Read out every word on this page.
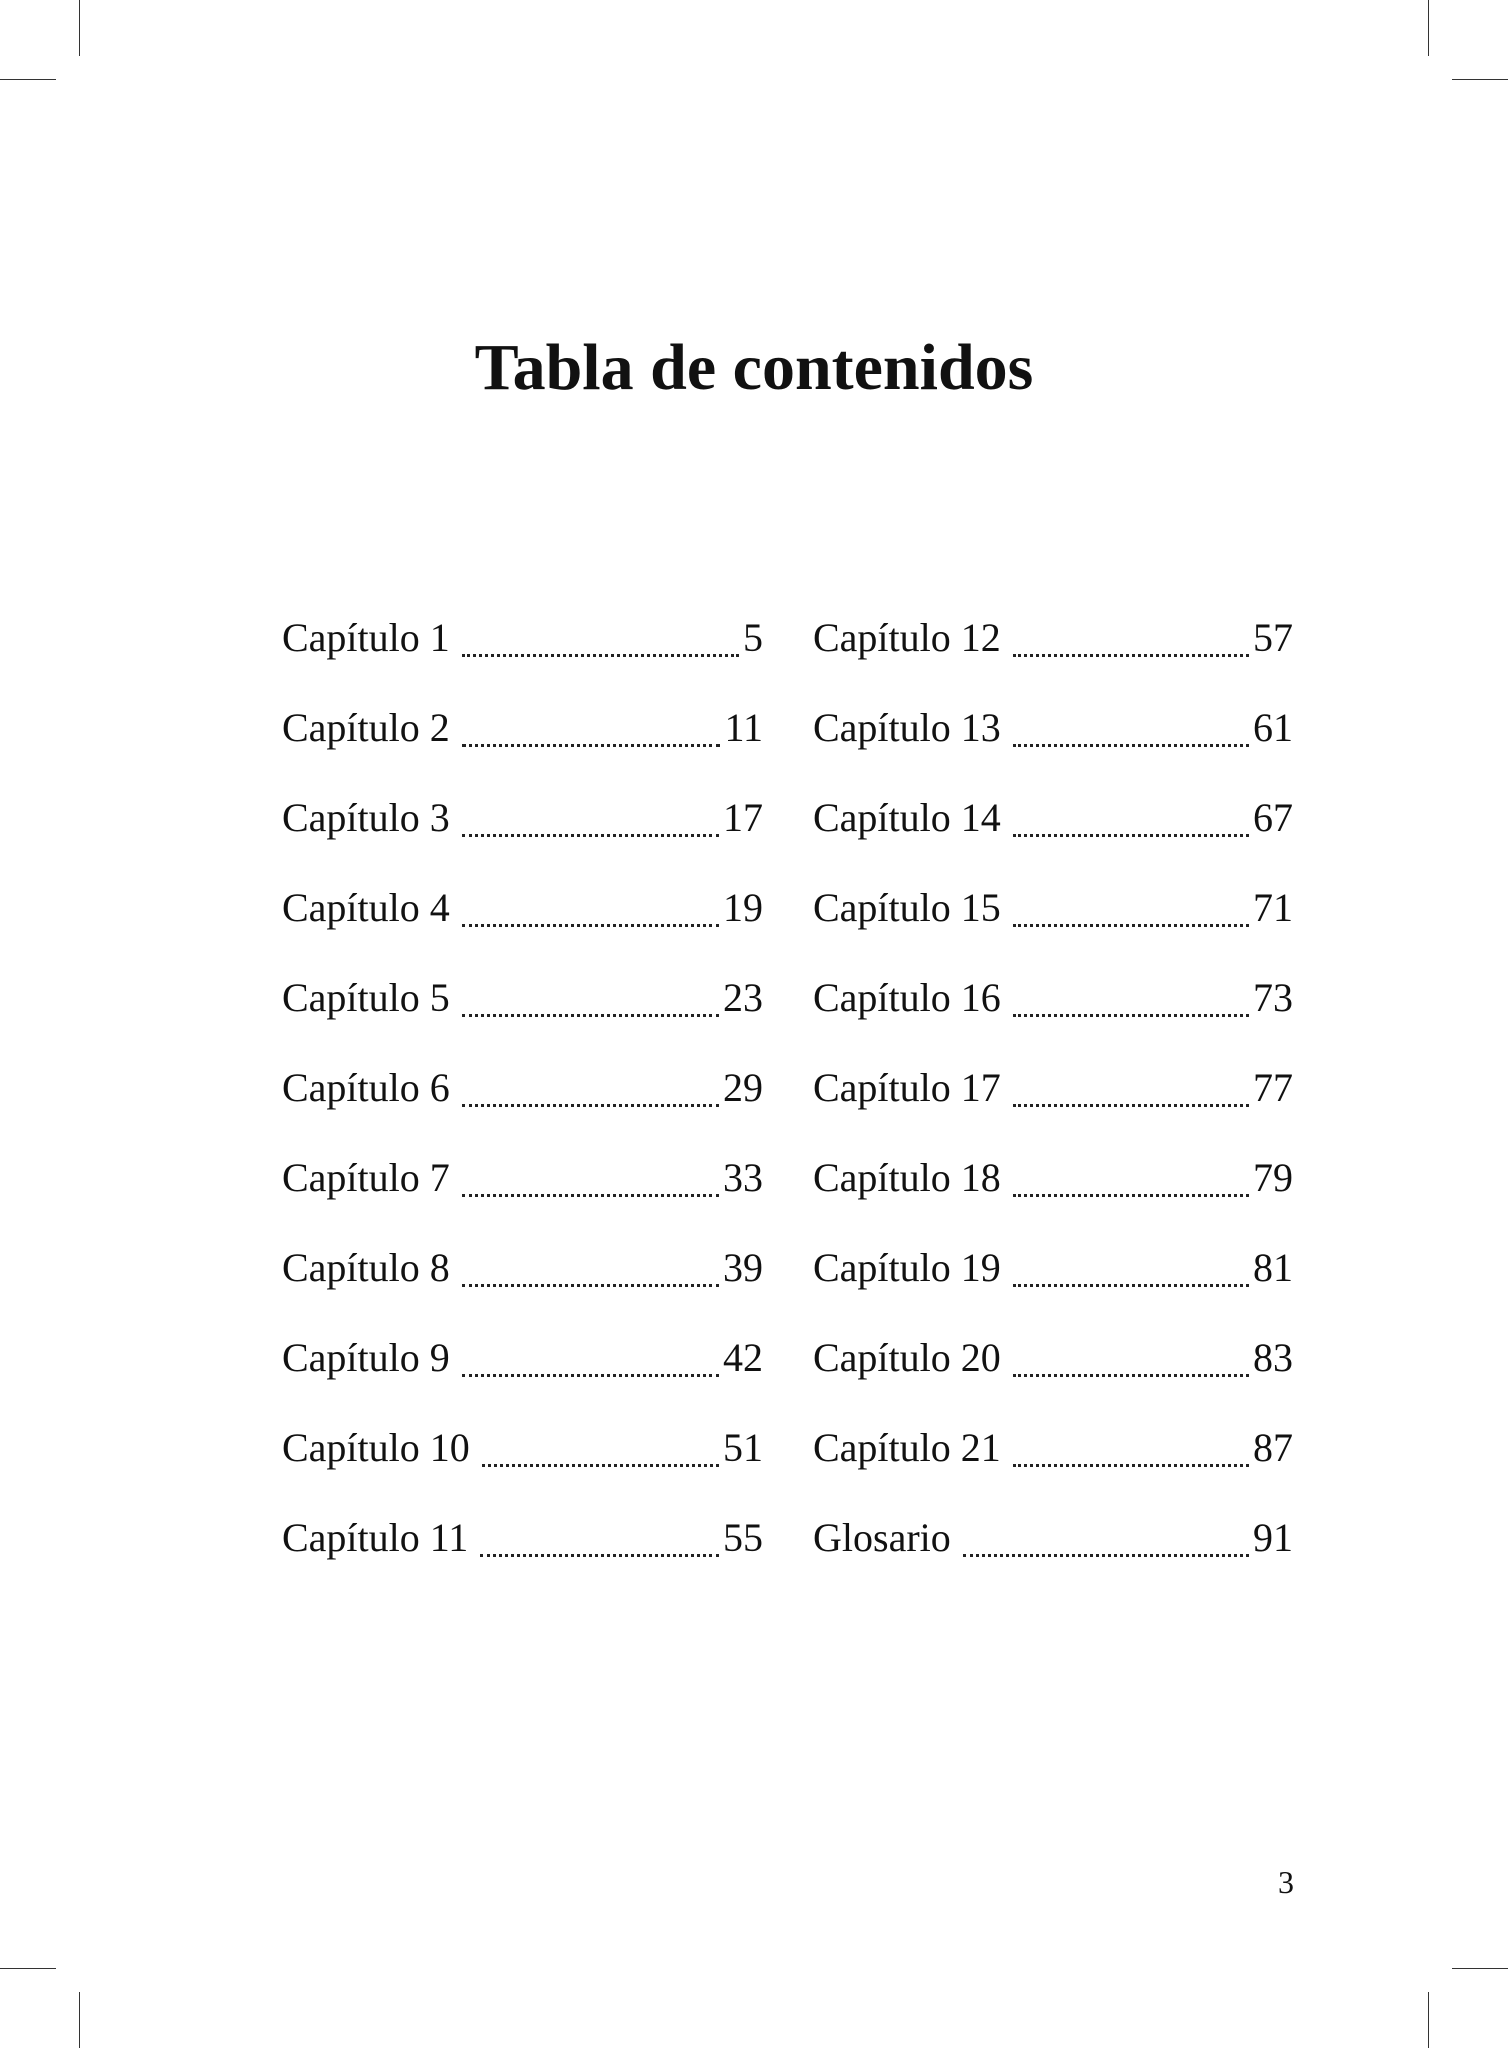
Tabla de contenidos
Capítulo 1	5
Capítulo 2	11
Capítulo 3	17
Capítulo 4	19
Capítulo 5	23
Capítulo 6	29
Capítulo 7	33
Capítulo 8	39
Capítulo 9	42
Capítulo 10	51
Capítulo 11	55
Capítulo 12	57
Capítulo 13	61
Capítulo 14	67
Capítulo 15	71
Capítulo 16	73
Capítulo 17	77
Capítulo 18	79
Capítulo 19	81
Capítulo 20	83
Capítulo 21	87
Glosario	91
3
